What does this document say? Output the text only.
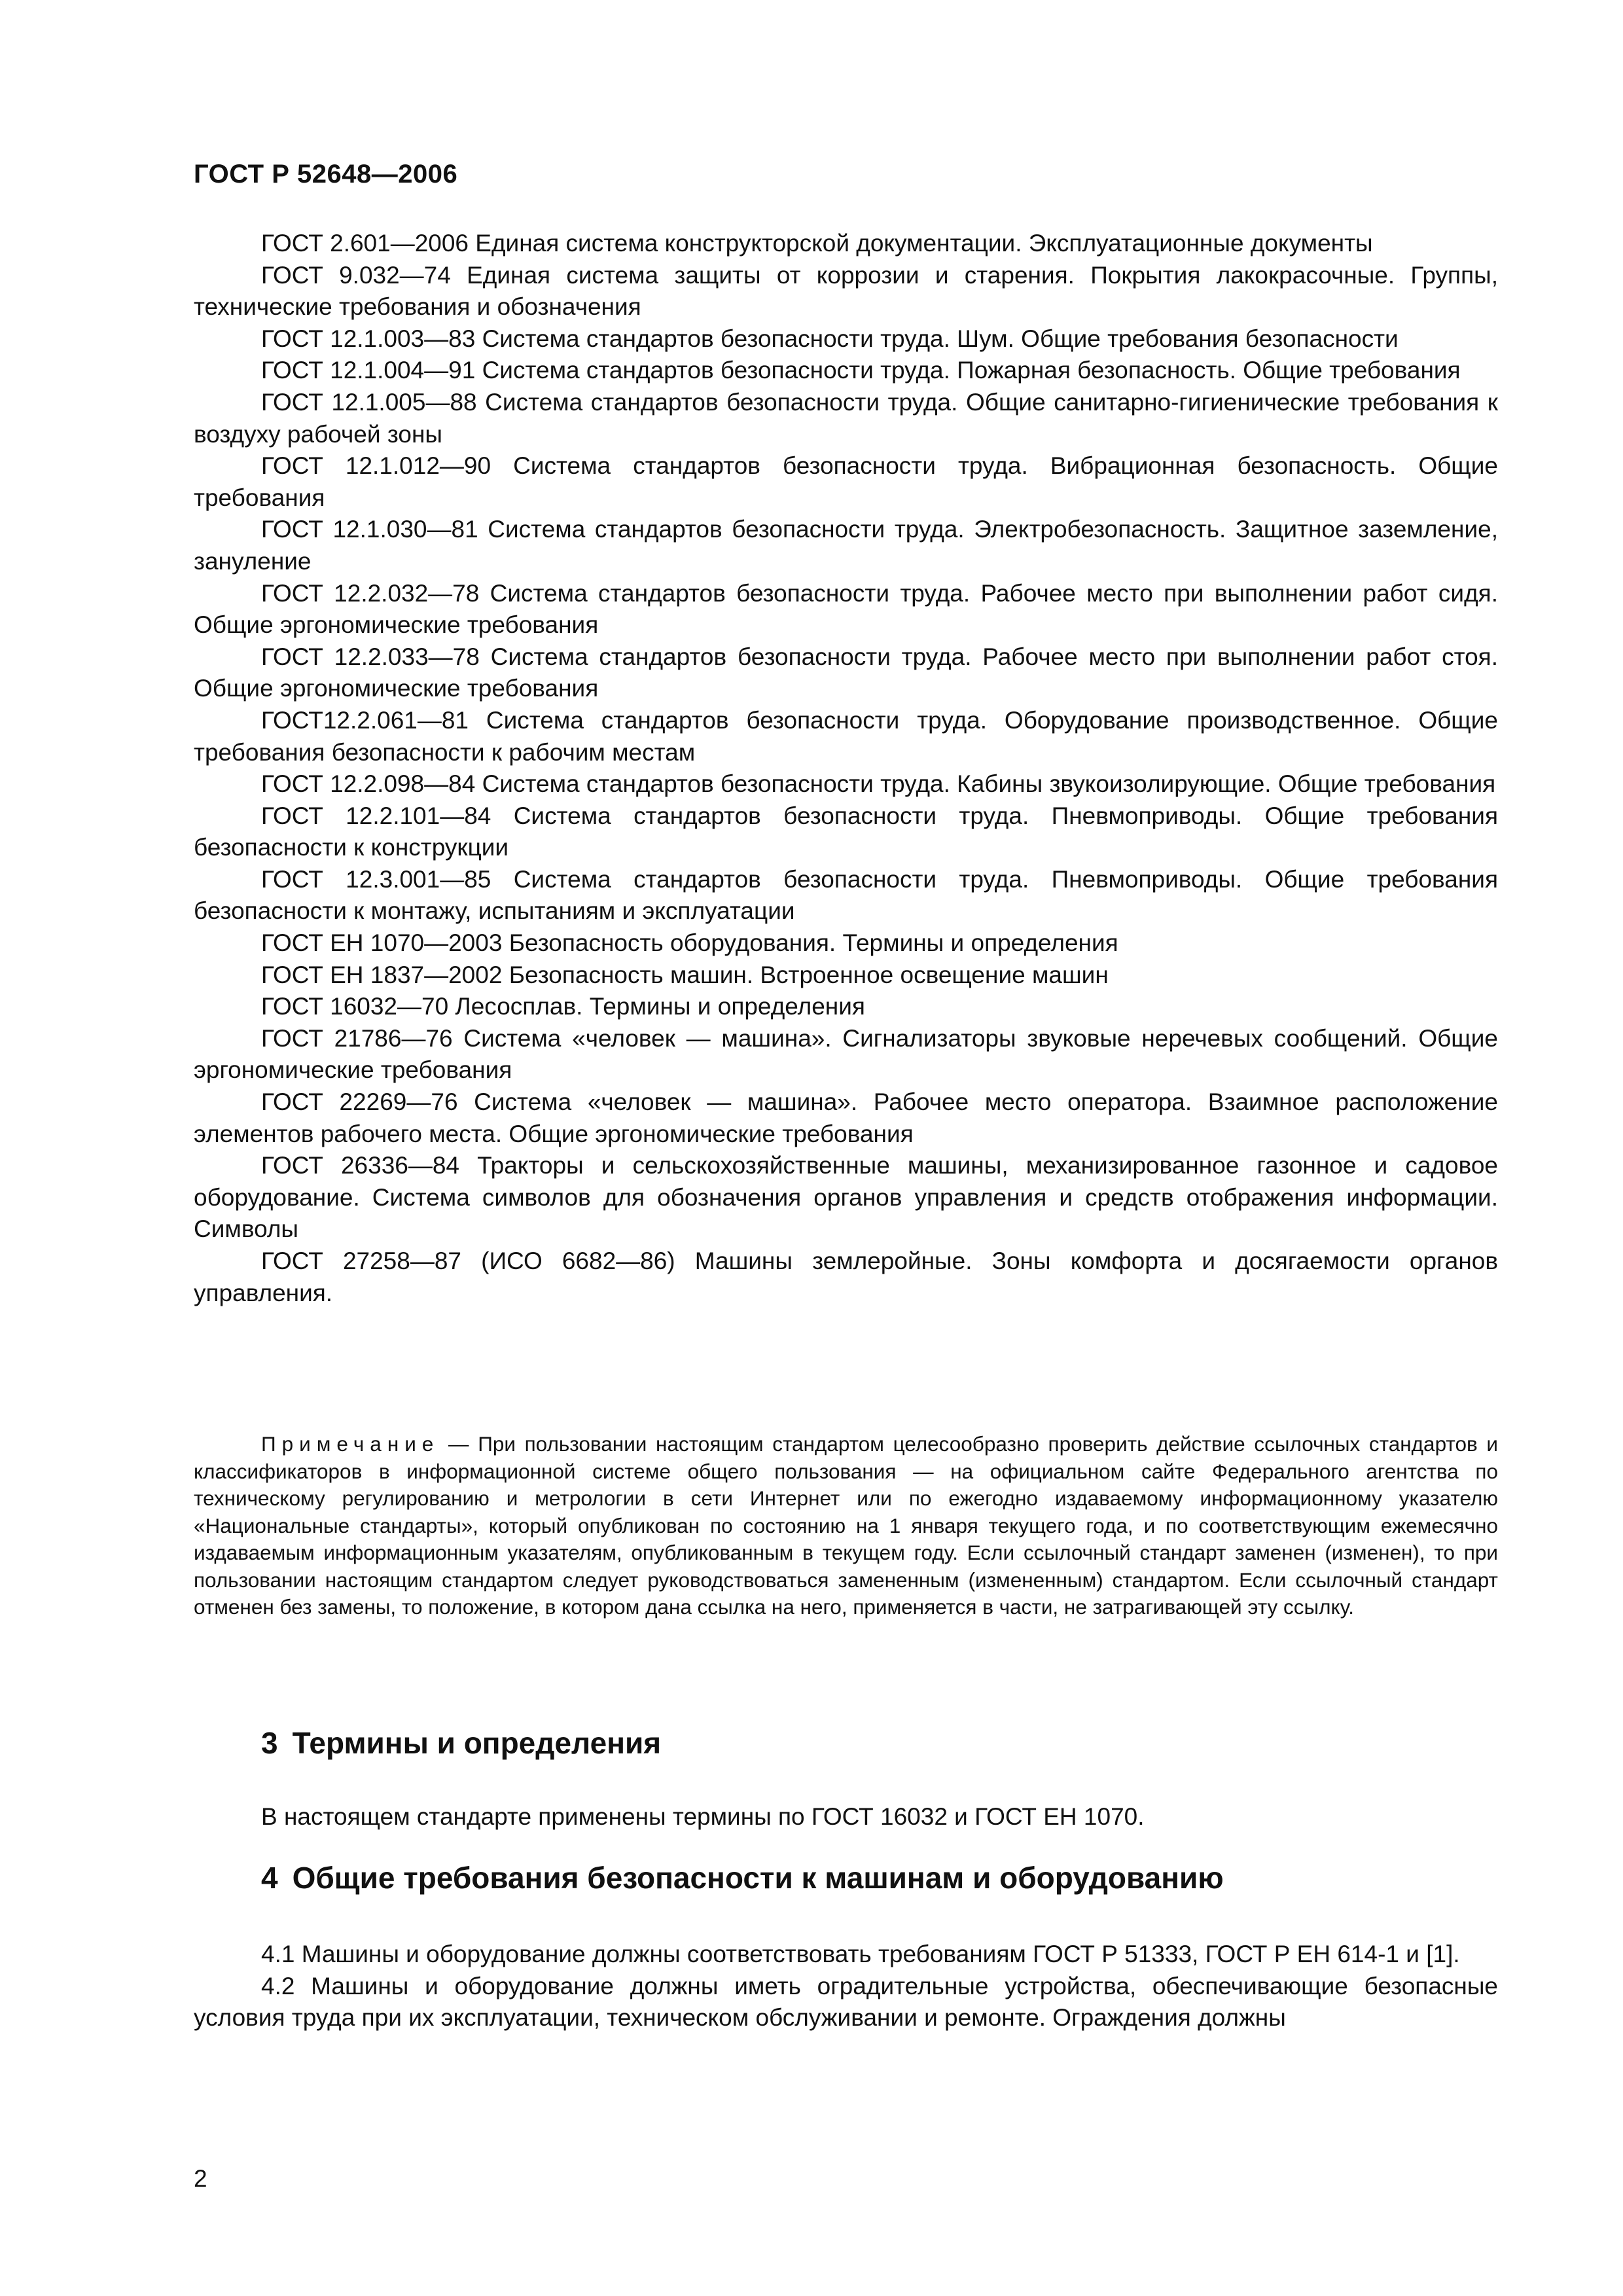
ГОСТ Р 52648—2006

ГОСТ 2.601—2006 Единая система конструкторской документации. Эксплуатационные документы

ГОСТ 9.032—74 Единая система защиты от коррозии и старения. Покрытия лакокрасочные. Группы, технические требования и обозначения

ГОСТ 12.1.003—83 Система стандартов безопасности труда. Шум. Общие требования безопасности

ГОСТ 12.1.004—91 Система стандартов безопасности труда. Пожарная безопасность. Общие требования

ГОСТ 12.1.005—88 Система стандартов безопасности труда. Общие санитарно-гигиенические требования к воздуху рабочей зоны

ГОСТ 12.1.012—90 Система стандартов безопасности труда. Вибрационная безопасность. Общие требования

ГОСТ 12.1.030—81 Система стандартов безопасности труда. Электробезопасность. Защитное заземление, зануление

ГОСТ 12.2.032—78 Система стандартов безопасности труда. Рабочее место при выполнении работ сидя. Общие эргономические требования

ГОСТ 12.2.033—78 Система стандартов безопасности труда. Рабочее место при выполнении работ стоя. Общие эргономические требования

ГОСТ12.2.061—81 Система стандартов безопасности труда. Оборудование производственное. Общие требования безопасности к рабочим местам

ГОСТ 12.2.098—84 Система стандартов безопасности труда. Кабины звукоизолирующие. Общие требования

ГОСТ 12.2.101—84 Система стандартов безопасности труда. Пневмоприводы. Общие требования безопасности к конструкции

ГОСТ 12.3.001—85 Система стандартов безопасности труда. Пневмоприводы. Общие требования безопасности к монтажу, испытаниям и эксплуатации

ГОСТ ЕН 1070—2003 Безопасность оборудования. Термины и определения

ГОСТ ЕН 1837—2002 Безопасность машин. Встроенное освещение машин

ГОСТ 16032—70 Лесосплав. Термины и определения

ГОСТ 21786—76 Система «человек — машина». Сигнализаторы звуковые неречевых сообщений. Общие эргономические требования

ГОСТ 22269—76 Система «человек — машина». Рабочее место оператора. Взаимное расположение элементов рабочего места. Общие эргономические требования

ГОСТ 26336—84 Тракторы и сельскохозяйственные машины, механизированное газонное и садовое оборудование. Система символов для обозначения органов управления и средств отображения информации. Символы

ГОСТ 27258—87 (ИСО 6682—86) Машины землеройные. Зоны комфорта и досягаемости органов управления.

Примечание — При пользовании настоящим стандартом целесообразно проверить действие ссылочных стандартов и классификаторов в информационной системе общего пользования — на официальном сайте Федерального агентства по техническому регулированию и метрологии в сети Интернет или по ежегодно издаваемому информационному указателю «Национальные стандарты», который опубликован по состоянию на 1 января текущего года, и по соответствующим ежемесячно издаваемым информационным указателям, опубликованным в текущем году. Если ссылочный стандарт заменен (изменен), то при пользовании настоящим стандартом следует руководствоваться замененным (измененным) стандартом. Если ссылочный стандарт отменен без замены, то положение, в котором дана ссылка на него, применяется в части, не затрагивающей эту ссылку.

3 Термины и определения

В настоящем стандарте применены термины по ГОСТ 16032 и ГОСТ ЕН 1070.

4 Общие требования безопасности к машинам и оборудованию

4.1 Машины и оборудование должны соответствовать требованиям ГОСТ Р 51333, ГОСТ Р ЕН 614-1 и [1].

4.2 Машины и оборудование должны иметь оградительные устройства, обеспечивающие безопасные условия труда при их эксплуатации, техническом обслуживании и ремонте. Ограждения должны

2
